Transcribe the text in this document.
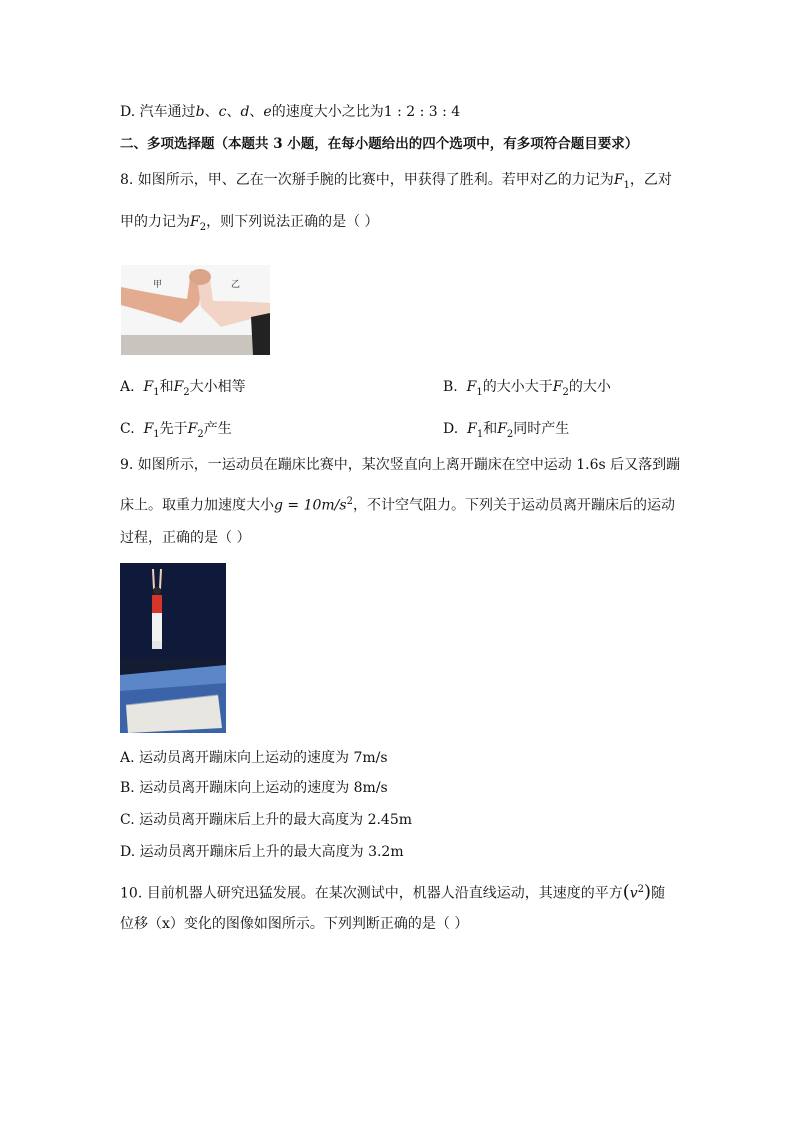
D. 汽车通过b、c、d、e的速度大小之比为1 : 2 : 3 : 4
二、多项选择题（本题共 3 小题，在每小题给出的四个选项中，有多项符合题目要求）
8. 如图所示，甲、乙在一次掰手腕的比赛中，甲获得了胜利。若甲对乙的力记为$F_1$，乙对
甲的力记为$F_2$，则下列说法正确的是（ ）
甲	乙
A. $F_1$和$F_2$大小相等	B. $F_1$的大小大于$F_2$的大小
C. $F_1$先于$F_2$产生	D. $F_1$和$F_2$同时产生
9. 如图所示，一运动员在蹦床比赛中，某次竖直向上离开蹦床在空中运动 1.6s 后又落到蹦
床上。取重力加速度大小$g = 10m/s^2$，不计空气阻力。下列关于运动员离开蹦床后的运动
过程，正确的是（ ）
A. 运动员离开蹦床向上运动的速度为 7m/s
B. 运动员离开蹦床向上运动的速度为 8m/s
C. 运动员离开蹦床后上升的最大高度为 2.45m
D. 运动员离开蹦床后上升的最大高度为 3.2m
10. 目前机器人研究迅猛发展。在某次测试中，机器人沿直线运动，其速度的平方$(v^2)$随
位移（x）变化的图像如图所示。下列判断正确的是（ ）
